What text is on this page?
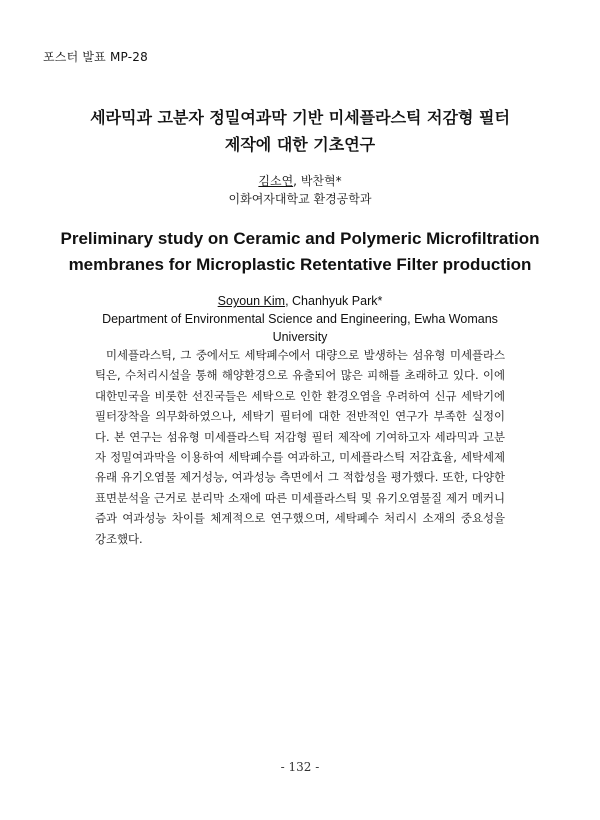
포스터 발표 MP-28
세라믹과 고분자 정밀여과막 기반 미세플라스틱 저감형 필터
제작에 대한 기초연구
김소연, 박찬혁*
이화여자대학교 환경공학과
Preliminary study on Ceramic and Polymeric Microfiltration
membranes for Microplastic Retentative Filter production
Soyoun Kim, Chanhyuk Park*
Department of Environmental Science and Engineering, Ewha Womans University

미세플라스틱, 그 중에서도 세탁폐수에서 대량으로 발생하는 섬유형 미세플라스틱은, 수처리시설을 통해 해양환경으로 유출되어 많은 피해를 초래하고 있다. 이에 대한민국을 비롯한 선진국들은 세탁으로 인한 환경오염을 우려하여 신규 세탁기에 필터장착을 의무화하였으나, 세탁기 필터에 대한 전반적인 연구가 부족한 실정이다. 본 연구는 섬유형 미세플라스틱 저감형 필터 제작에 기여하고자 세라믹과 고분자 정밀여과막을 이용하여 세탁폐수를 여과하고, 미세플라스틱 저감효율, 세탁세제 유래 유기오염물 제거성능, 여과성능 측면에서 그 적합성을 평가했다. 또한, 다양한 표면분석을 근거로 분리막 소재에 따른 미세플라스틱 및 유기오염물질 제거 메커니즘과 여과성능 차이를 체계적으로 연구했으며, 세탁폐수 처리시 소재의 중요성을 강조했다.

- 132 -
